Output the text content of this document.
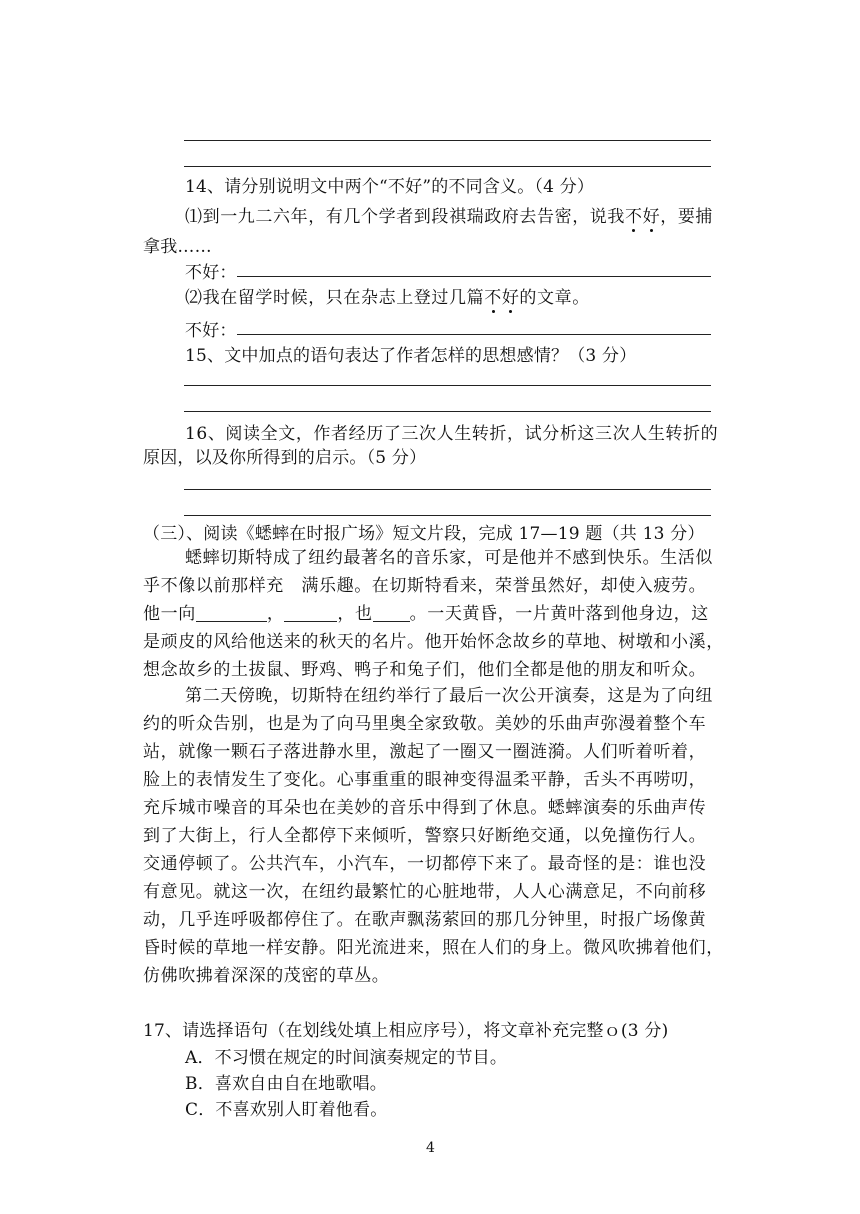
14、请分别说明文中两个“不好”的不同含义。（4 分）
⑴到一九二六年，有几个学者到段祺瑞政府去告密，说我不好，要捕
拿我……
不好：
⑵我在留学时候，只在杂志上登过几篇不好的文章。
不好：
15、文中加点的语句表达了作者怎样的思想感情？（3 分）
16、阅读全文，作者经历了三次人生转折，试分析这三次人生转折的
原因，以及你所得到的启示。（5 分）
（三）、阅读《蟋蟀在时报广场》短文片段，完成 17—19 题（共 13 分）
蟋蟀切斯特成了纽约最著名的音乐家，可是他并不感到快乐。生活似
乎不像以前那样充　满乐趣。在切斯特看来，荣誉虽然好，却使入疲劳。
他一向	，	，也 。一天黄昏，一片黄叶落到他身边，这
是顽皮的风给他送来的秋天的名片。他开始怀念故乡的草地、树墩和小溪，
想念故乡的土拔鼠、野鸡、鸭子和兔子们，他们全都是他的朋友和听众。
第二天傍晚，切斯特在纽约举行了最后一次公开演奏，这是为了向纽
约的听众告别，也是为了向马里奥全家致敬。美妙的乐曲声弥漫着整个车
站，就像一颗石子落进静水里，激起了一圈又一圈涟漪。人们听着听着，
脸上的表情发生了变化。心事重重的眼神变得温柔平静，舌头不再唠叨，
充斥城市噪音的耳朵也在美妙的音乐中得到了休息。蟋蟀演奏的乐曲声传
到了大街上，行人全都停下来倾听，警察只好断绝交通，以免撞伤行人。
交通停顿了。公共汽车，小汽车，一切都停下来了。最奇怪的是：谁也没
有意见。就这一次，在纽约最繁忙的心脏地带，人人心满意足，不向前移
动，几乎连呼吸都停住了。在歌声飘荡萦回的那几分钟里，时报广场像黄
昏时候的草地一样安静。阳光流进来，照在人们的身上。微风吹拂着他们，
仿佛吹拂着深深的茂密的草丛。
17、请选择语句（在划线处填上相应序号），将文章补充完整ｏ(3 分)
A．不习惯在规定的时间演奏规定的节目。
B．喜欢自由自在地歌唱。
C．不喜欢别人盯着他看。
4
